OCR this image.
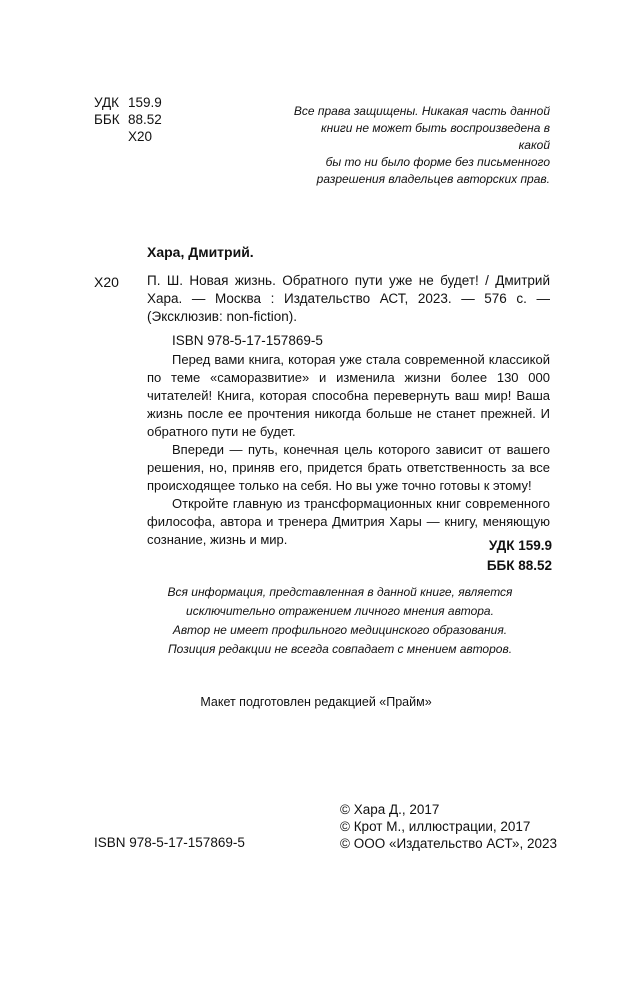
УДК 159.9
ББК 88.52
Х20
Все права защищены. Никакая часть данной
книги не может быть воспроизведена в какой
бы то ни было форме без письменного
разрешения владельцев авторских прав.
Хара, Дмитрий.
Х20 П. Ш. Новая жизнь. Обратного пути уже не будет! / Дмитрий Хара. — Москва : Издательство АСТ, 2023. — 576 с. — (Эксклюзив: non-fiction).
ISBN 978-5-17-157869-5

Перед вами книга, которая уже стала современной классикой по теме «саморазвитие» и изменила жизни более 130 000 читателей! Книга, которая способна перевернуть ваш мир! Ваша жизнь после ее прочтения никогда больше не станет прежней. И обратного пути не будет.

Впереди — путь, конечная цель которого зависит от вашего решения, но, приняв его, придется брать ответственность за все происходящее только на себя. Но вы уже точно готовы к этому!

Откройте главную из трансформационных книг современного философа, автора и тренера Дмитрия Хары — книгу, меняющую сознание, жизнь и мир.	УДК 159.9
ББК 88.52
Вся информация, представленная в данной книге, является
исключительно отражением личного мнения автора.
Автор не имеет профильного медицинского образования.
Позиция редакции не всегда совпадает с мнением авторов.
Макет подготовлен редакцией «Прайм»
ISBN 978-5-17-157869-5
© Хара Д., 2017
© Крот М., иллюстрации, 2017
© ООО «Издательство АСТ», 2023
